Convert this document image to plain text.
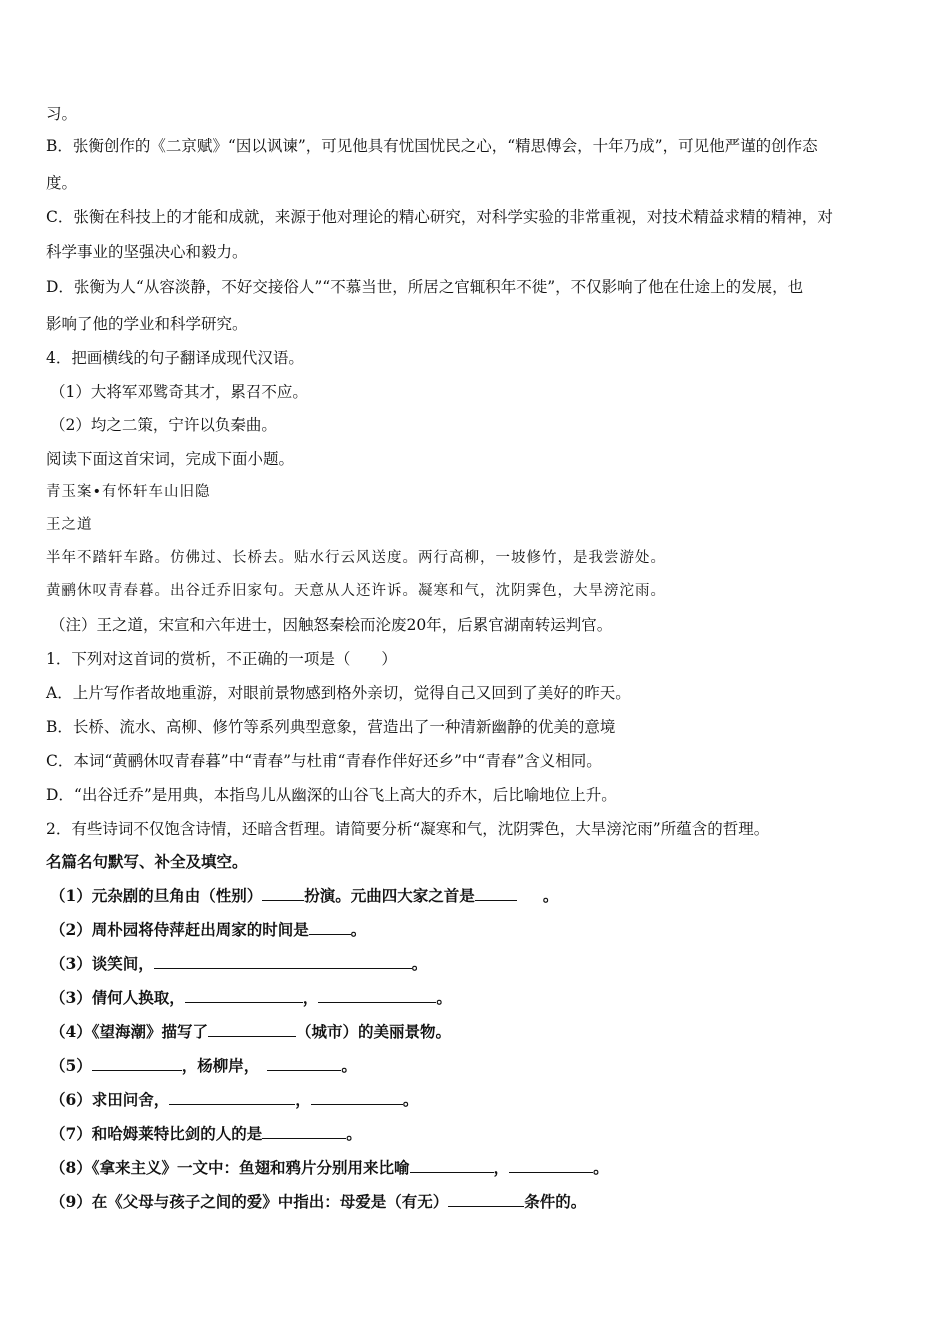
习。
B．张衡创作的《二京赋》“因以讽谏”，可见他具有忧国忧民之心，“精思傅会，十年乃成”，可见他严谨的创作态
度。
C．张衡在科技上的才能和成就，来源于他对理论的精心研究，对科学实验的非常重视，对技术精益求精的精神，对
科学事业的坚强决心和毅力。
D．张衡为人“从容淡静，不好交接俗人”“不慕当世，所居之官辄积年不徙”，不仅影响了他在仕途上的发展，也
影响了他的学业和科学研究。
4．把画横线的句子翻译成现代汉语。
（1）大将军邓骘奇其才，累召不应。
（2）均之二策，宁许以负秦曲。
阅读下面这首宋词，完成下面小题。
青玉案•有怀轩车山旧隐
王之道
半年不踏轩车路。仿佛过、长桥去。贴水行云风送度。两行高柳，一坡修竹，是我尝游处。
黄鹂休叹青春暮。出谷迁乔旧家句。天意从人还许诉。凝寒和气，沈阴霁色，大旱滂沱雨。
（注）王之道，宋宣和六年进士，因触怒秦桧而沦废20年，后累官湖南转运判官。
1．下列对这首词的赏析，不正确的一项是（　　）
A．上片写作者故地重游，对眼前景物感到格外亲切，觉得自己又回到了美好的昨天。
B．长桥、流水、高柳、修竹等系列典型意象，营造出了一种清新幽静的优美的意境
C．本词“黄鹂休叹青春暮”中“青春”与杜甫“青春作伴好还乡”中“青春”含义相同。
D．“出谷迁乔”是用典，本指鸟儿从幽深的山谷飞上高大的乔木，后比喻地位上升。
2．有些诗词不仅饱含诗情，还暗含哲理。请简要分析“凝寒和气，沈阴霁色，大旱滂沱雨”所蕴含的哲理。
名篇名句默写、补全及填空。
（1）元杂剧的旦角由（性别）	扮演。元曲四大家之首是	。
（2）周朴园将侍萍赶出周家的时间是	。
（3）谈笑间，	。
（3）倩何人换取，	，	。
（4）《望海潮》描写了	（城市）的美丽景物。
（5）	，杨柳岸，	。
（6）求田问舍，	，	。
（7）和哈姆莱特比剑的人的是	。
（8）《拿来主义》一文中：鱼翅和鸦片分别用来比喻	，	。
（9）在《父母与孩子之间的爱》中指出：母爱是（有无）	条件的。
